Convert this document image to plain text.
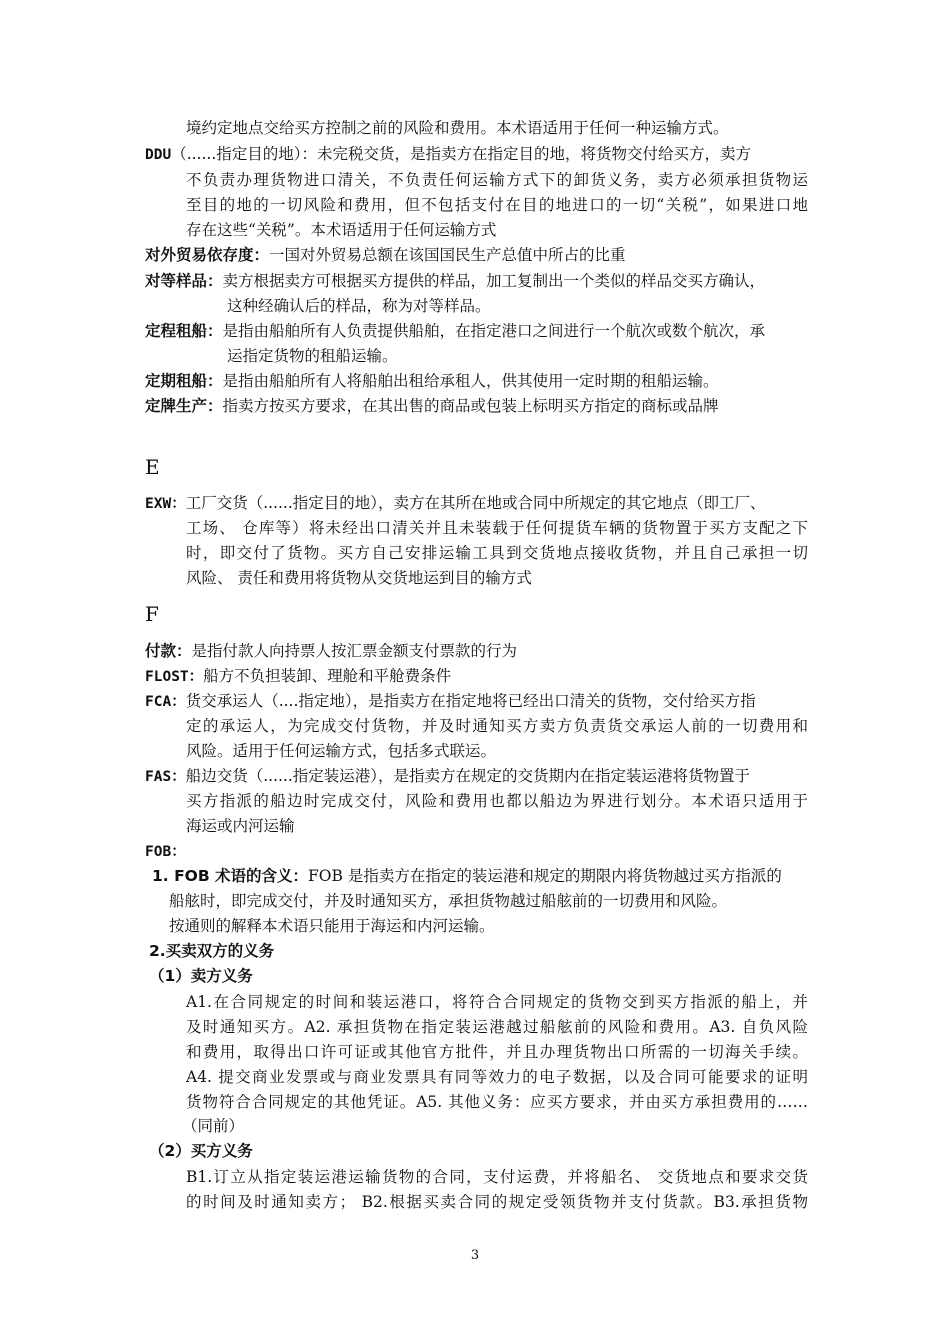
境约定地点交给买方控制之前的风险和费用。本术语适用于任何一种运输方式。
DDU（......指定目的地）：未完税交货，是指卖方在指定目的地，将货物交付给买方，卖方
不负责办理货物进口清关，不负责任何运输方式下的卸货义务，卖方必须承担货物运
至目的地的一切风险和费用，但不包括支付在目的地进口的一切“关税”，如果进口地
存在这些“关税”。本术语适用于任何运输方式
对外贸易依存度：一国对外贸易总额在该国国民生产总值中所占的比重
对等样品：卖方根据卖方可根据买方提供的样品，加工复制出一个类似的样品交买方确认，
这种经确认后的样品，称为对等样品。
定程租船：是指由船舶所有人负责提供船舶，在指定港口之间进行一个航次或数个航次，承
运指定货物的租船运输。
定期租船：是指由船舶所有人将船舶出租给承租人，供其使用一定时期的租船运输。
定牌生产：指卖方按买方要求，在其出售的商品或包装上标明买方指定的商标或品牌
E
EXW：工厂交货（......指定目的地），卖方在其所在地或合同中所规定的其它地点（即工厂、
工场、 仓库等）将未经出口清关并且未装载于任何提货车辆的货物置于买方支配之下
时，即交付了货物。买方自己安排运输工具到交货地点接收货物，并且自己承担一切
风险、 责任和费用将货物从交货地运到目的输方式
F
付款：是指付款人向持票人按汇票金额支付票款的行为
FLOST：船方不负担装卸、理舱和平舱费条件
FCA：货交承运人（....指定地），是指卖方在指定地将已经出口清关的货物，交付给买方指
定的承运人，为完成交付货物，并及时通知买方卖方负责货交承运人前的一切费用和
风险。适用于任何运输方式，包括多式联运。
FAS：船边交货（......指定装运港），是指卖方在规定的交货期内在指定装运港将货物置于
买方指派的船边时完成交付，风险和费用也都以船边为界进行划分。本术语只适用于
海运或内河运输
FOB：
1. FOB 术语的含义：FOB 是指卖方在指定的装运港和规定的期限内将货物越过买方指派的
船舷时，即完成交付，并及时通知买方，承担货物越过船舷前的一切费用和风险。
按通则的解释本术语只能用于海运和内河运输。
2.买卖双方的义务
（1）卖方义务
A1.在合同规定的时间和装运港口，将符合合同规定的货物交到买方指派的船上，并
及时通知买方。A2. 承担货物在指定装运港越过船舷前的风险和费用。A3. 自负风险
和费用，取得出口许可证或其他官方批件，并且办理货物出口所需的一切海关手续。
A4. 提交商业发票或与商业发票具有同等效力的电子数据，以及合同可能要求的证明
货物符合合同规定的其他凭证。A5. 其他义务：应买方要求，并由买方承担费用的……
（同前）
（2）买方义务
B1.订立从指定装运港运输货物的合同，支付运费，并将船名、 交货地点和要求交货
的时间及时通知卖方； B2.根据买卖合同的规定受领货物并支付货款。B3.承担货物
3
